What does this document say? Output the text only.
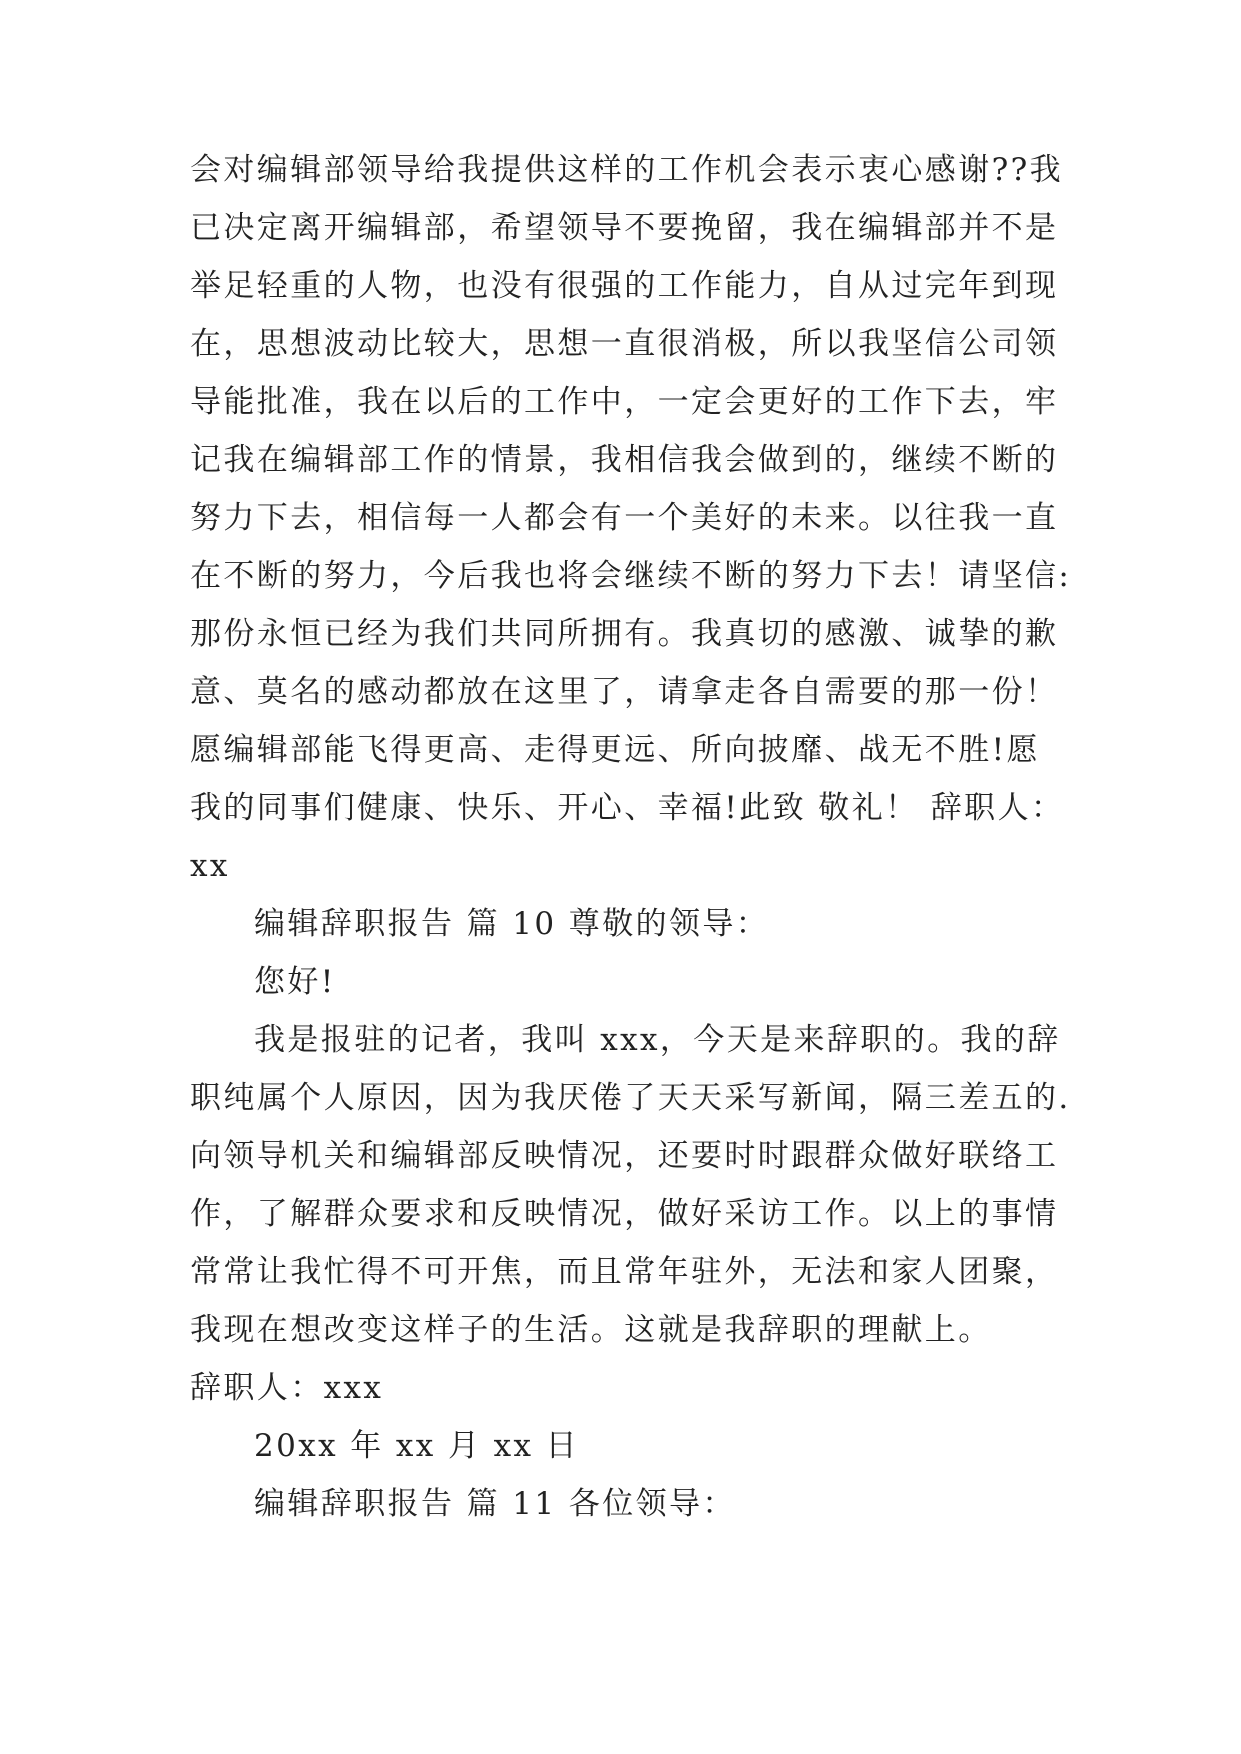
会对编辑部领导给我提供这样的工作机会表示衷心感谢??我
已决定离开编辑部，希望领导不要挽留，我在编辑部并不是
举足轻重的人物，也没有很强的工作能力，自从过完年到现
在，思想波动比较大，思想一直很消极，所以我坚信公司领
导能批准，我在以后的工作中，一定会更好的工作下去，牢
记我在编辑部工作的情景，我相信我会做到的，继续不断的
努力下去，相信每一人都会有一个美好的未来。以往我一直
在不断的努力，今后我也将会继续不断的努力下去！请坚信:
那份永恒已经为我们共同所拥有。我真切的感激、诚挚的歉
意、莫名的感动都放在这里了，请拿走各自需要的那一份！
愿编辑部能飞得更高、走得更远、所向披靡、战无不胜!愿
我的同事们健康、快乐、开心、幸福!此致 敬礼！ 辞职人：
xx
编辑辞职报告 篇 10 尊敬的领导：
您好!
我是报驻的记者，我叫 xxx，今天是来辞职的。我的辞
职纯属个人原因，因为我厌倦了天天采写新闻，隔三差五的.
向领导机关和编辑部反映情况，还要时时跟群众做好联络工
作，了解群众要求和反映情况，做好采访工作。以上的事情
常常让我忙得不可开焦，而且常年驻外，无法和家人团聚，
我现在想改变这样子的生活。这就是我辞职的理献上。
辞职人：xxx
20xx 年 xx 月 xx 日
编辑辞职报告 篇 11 各位领导：
